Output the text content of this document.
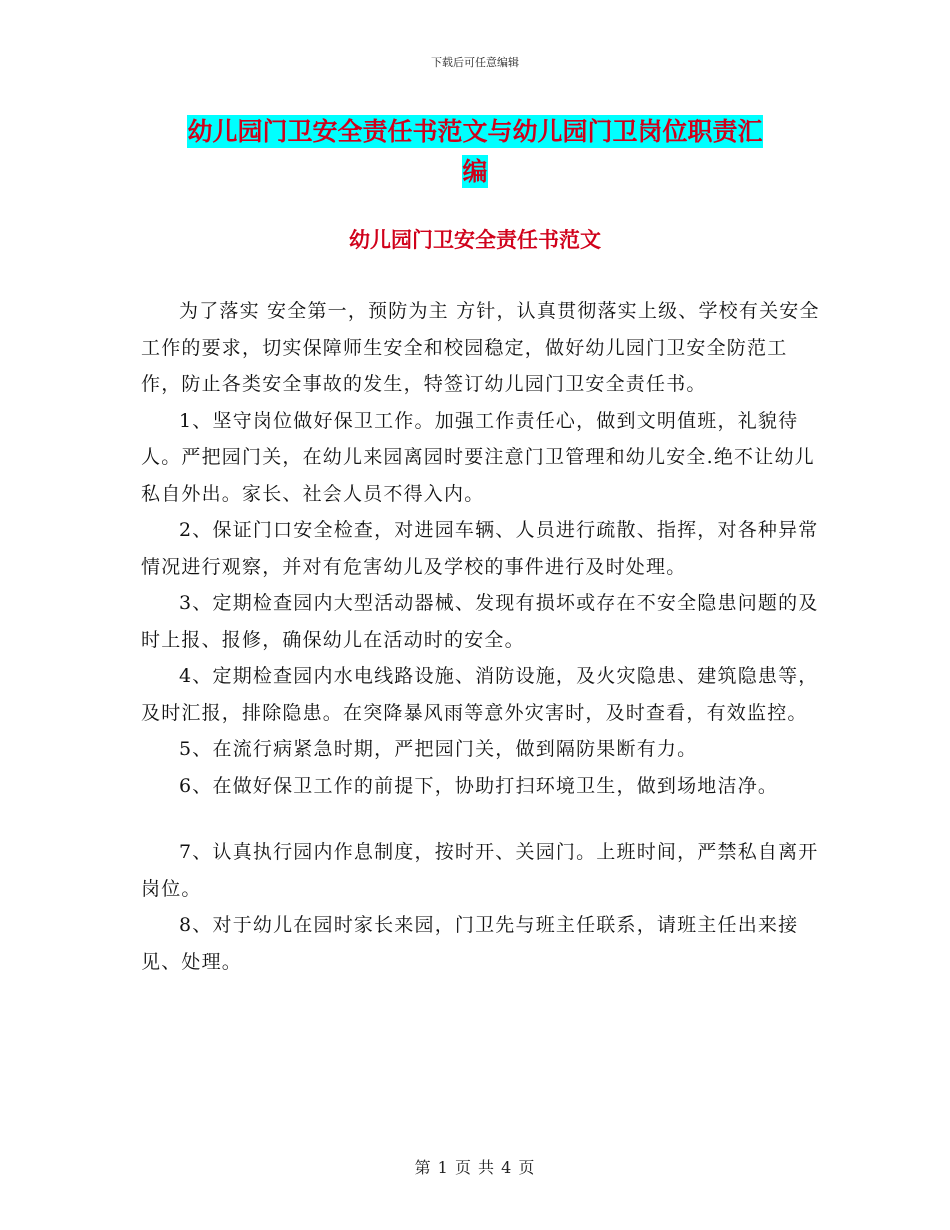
下载后可任意编辑
幼儿园门卫安全责任书范文与幼儿园门卫岗位职责汇
编
幼儿园门卫安全责任书范文

为了落实 安全第一，预防为主 方针，认真贯彻落实上级、学校有关安全工作的要求，切实保障师生安全和校园稳定，做好幼儿园门卫安全防范工作，防止各类安全事故的发生，特签订幼儿园门卫安全责任书。

1、坚守岗位做好保卫工作。加强工作责任心，做到文明值班，礼貌待人。严把园门关，在幼儿来园离园时要注意门卫管理和幼儿安全.绝不让幼儿私自外出。家长、社会人员不得入内。

2、保证门口安全检查，对进园车辆、人员进行疏散、指挥，对各种异常情况进行观察，并对有危害幼儿及学校的事件进行及时处理。

3、定期检查园内大型活动器械、发现有损坏或存在不安全隐患问题的及时上报、报修，确保幼儿在活动时的安全。

4、定期检查园内水电线路设施、消防设施，及火灾隐患、建筑隐患等，及时汇报，排除隐患。在突降暴风雨等意外灾害时，及时查看，有效监控。

5、在流行病紧急时期，严把园门关，做到隔防果断有力。

6、在做好保卫工作的前提下，协助打扫环境卫生，做到场地洁净。

7、认真执行园内作息制度，按时开、关园门。上班时间，严禁私自离开岗位。

8、对于幼儿在园时家长来园，门卫先与班主任联系，请班主任出来接见、处理。

第 1 页 共 4 页
